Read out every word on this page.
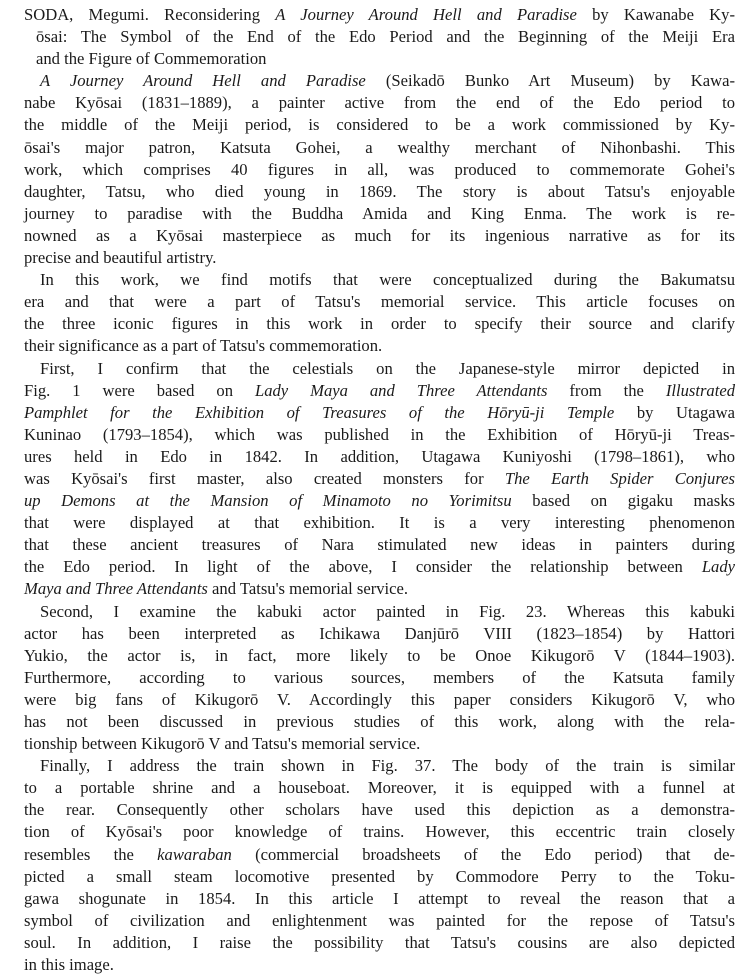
SODA, Megumi. Reconsidering A Journey Around Hell and Paradise by Kawanabe Ky-
ōsai: The Symbol of the End of the Edo Period and the Beginning of the Meiji Era
and the Figure of Commemoration
A Journey Around Hell and Paradise (Seikadō Bunko Art Museum) by Kawa-
nabe Kyōsai (1831–1889), a painter active from the end of the Edo period to
the middle of the Meiji period, is considered to be a work commissioned by Ky-
ōsai's major patron, Katsuta Gohei, a wealthy merchant of Nihonbashi. This
work, which comprises 40 figures in all, was produced to commemorate Gohei's
daughter, Tatsu, who died young in 1869. The story is about Tatsu's enjoyable
journey to paradise with the Buddha Amida and King Enma. The work is re-
nowned as a Kyōsai masterpiece as much for its ingenious narrative as for its
precise and beautiful artistry.
In this work, we find motifs that were conceptualized during the Bakumatsu
era and that were a part of Tatsu's memorial service. This article focuses on
the three iconic figures in this work in order to specify their source and clarify
their significance as a part of Tatsu's commemoration.
First, I confirm that the celestials on the Japanese-style mirror depicted in
Fig. 1 were based on Lady Maya and Three Attendants from the Illustrated
Pamphlet for the Exhibition of Treasures of the Hōryū-ji Temple by Utagawa
Kuninao (1793–1854), which was published in the Exhibition of Hōryū-ji Treas-
ures held in Edo in 1842. In addition, Utagawa Kuniyoshi (1798–1861), who
was Kyōsai's first master, also created monsters for The Earth Spider Conjures
up Demons at the Mansion of Minamoto no Yorimitsu based on gigaku masks
that were displayed at that exhibition. It is a very interesting phenomenon
that these ancient treasures of Nara stimulated new ideas in painters during
the Edo period. In light of the above, I consider the relationship between Lady
Maya and Three Attendants and Tatsu's memorial service.
Second, I examine the kabuki actor painted in Fig. 23. Whereas this kabuki
actor has been interpreted as Ichikawa Danjūrō VIII (1823–1854) by Hattori
Yukio, the actor is, in fact, more likely to be Onoe Kikugorō V (1844–1903).
Furthermore, according to various sources, members of the Katsuta family
were big fans of Kikugorō V. Accordingly this paper considers Kikugorō V, who
has not been discussed in previous studies of this work, along with the rela-
tionship between Kikugorō V and Tatsu's memorial service.
Finally, I address the train shown in Fig. 37. The body of the train is similar
to a portable shrine and a houseboat. Moreover, it is equipped with a funnel at
the rear. Consequently other scholars have used this depiction as a demonstra-
tion of Kyōsai's poor knowledge of trains. However, this eccentric train closely
resembles the kawaraban (commercial broadsheets of the Edo period) that de-
picted a small steam locomotive presented by Commodore Perry to the Toku-
gawa shogunate in 1854. In this article I attempt to reveal the reason that a
symbol of civilization and enlightenment was painted for the repose of Tatsu's
soul. In addition, I raise the possibility that Tatsu's cousins are also depicted
in this image.
